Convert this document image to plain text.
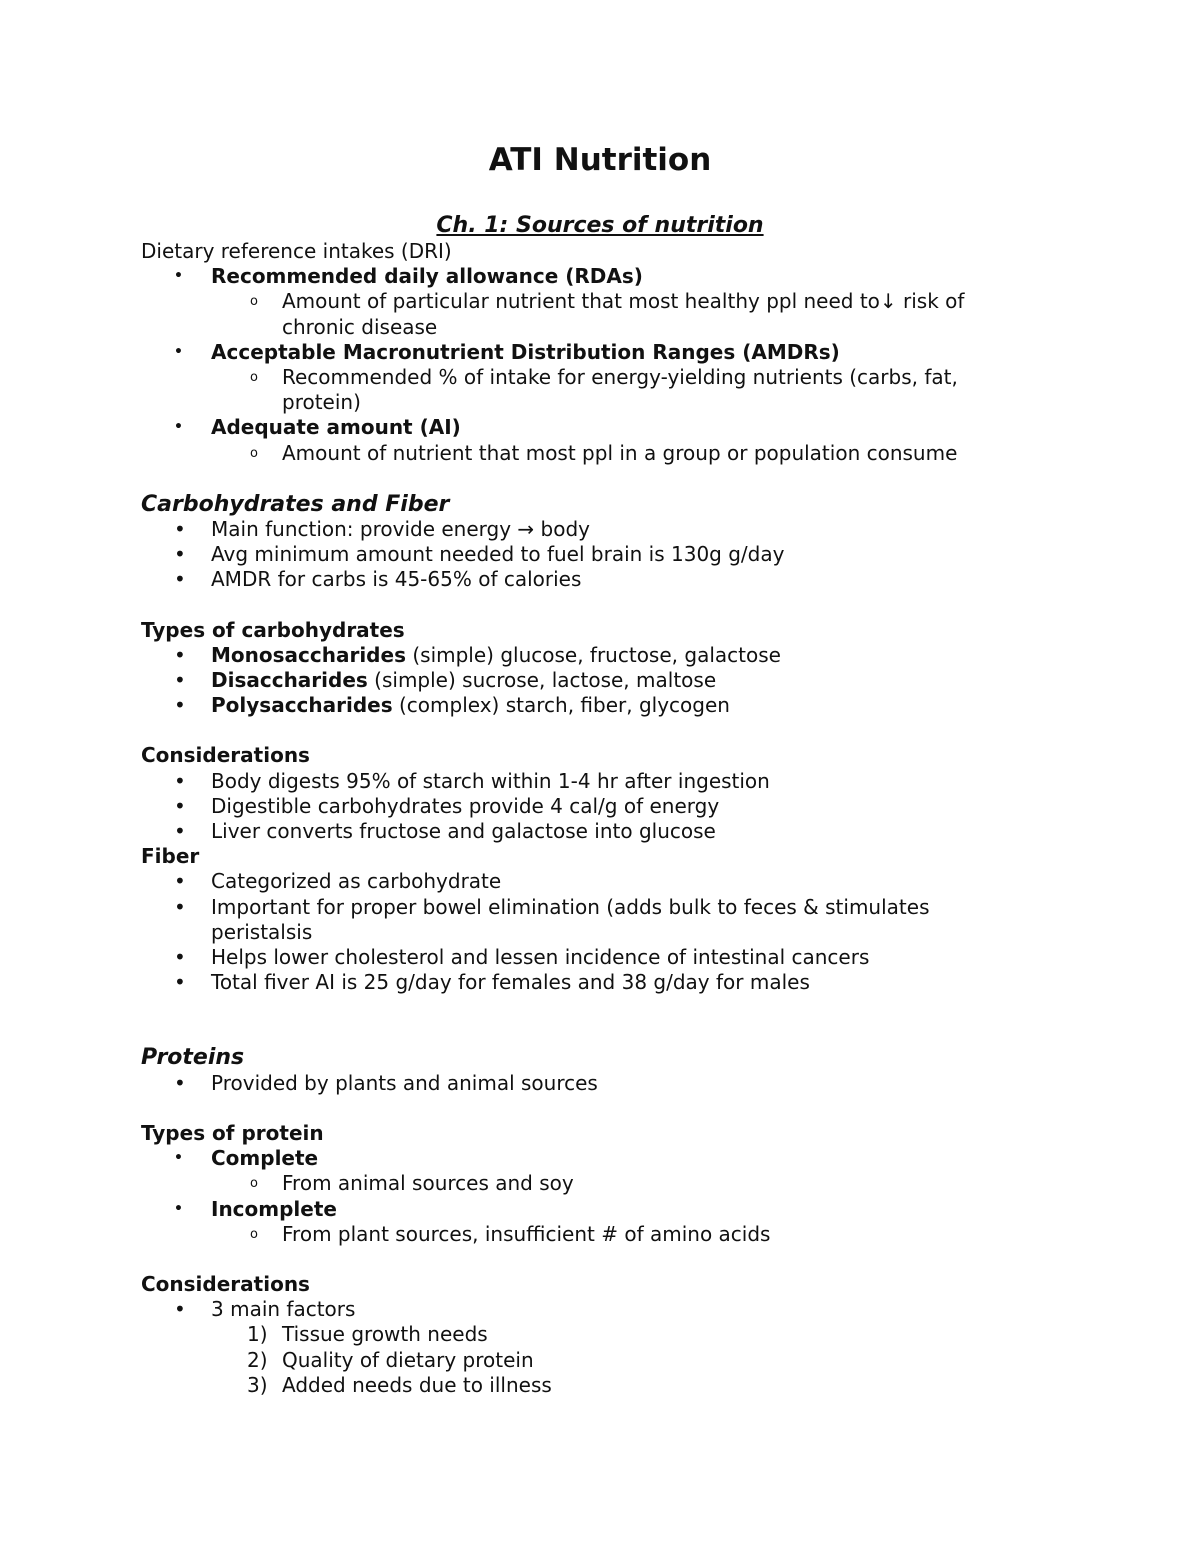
ATI Nutrition
Ch. 1: Sources of nutrition
Dietary reference intakes (DRI)
• Recommended daily allowance (RDAs)
o Amount of particular nutrient that most healthy ppl need to↓ risk of chronic disease
• Acceptable Macronutrient Distribution Ranges (AMDRs)
o Recommended % of intake for energy-yielding nutrients (carbs, fat, protein)
• Adequate amount (AI)
o Amount of nutrient that most ppl in a group or population consume
Carbohydrates and Fiber
• Main function: provide energy → body
• Avg minimum amount needed to fuel brain is 130g g/day
• AMDR for carbs is 45-65% of calories
Types of carbohydrates
• Monosaccharides (simple) glucose, fructose, galactose
• Disaccharides (simple) sucrose, lactose, maltose
• Polysaccharides (complex) starch, fiber, glycogen
Considerations
• Body digests 95% of starch within 1-4 hr after ingestion
• Digestible carbohydrates provide 4 cal/g of energy
• Liver converts fructose and galactose into glucose
Fiber
• Categorized as carbohydrate
• Important for proper bowel elimination (adds bulk to feces & stimulates
peristalsis
• Helps lower cholesterol and lessen incidence of intestinal cancers
• Total fiver AI is 25 g/day for females and 38 g/day for males
Proteins
• Provided by plants and animal sources
Types of protein
• Complete
o From animal sources and soy
• Incomplete
o From plant sources, insufficient # of amino acids
Considerations
• 3 main factors
1) Tissue growth needs
2) Quality of dietary protein
3) Added needs due to illness
